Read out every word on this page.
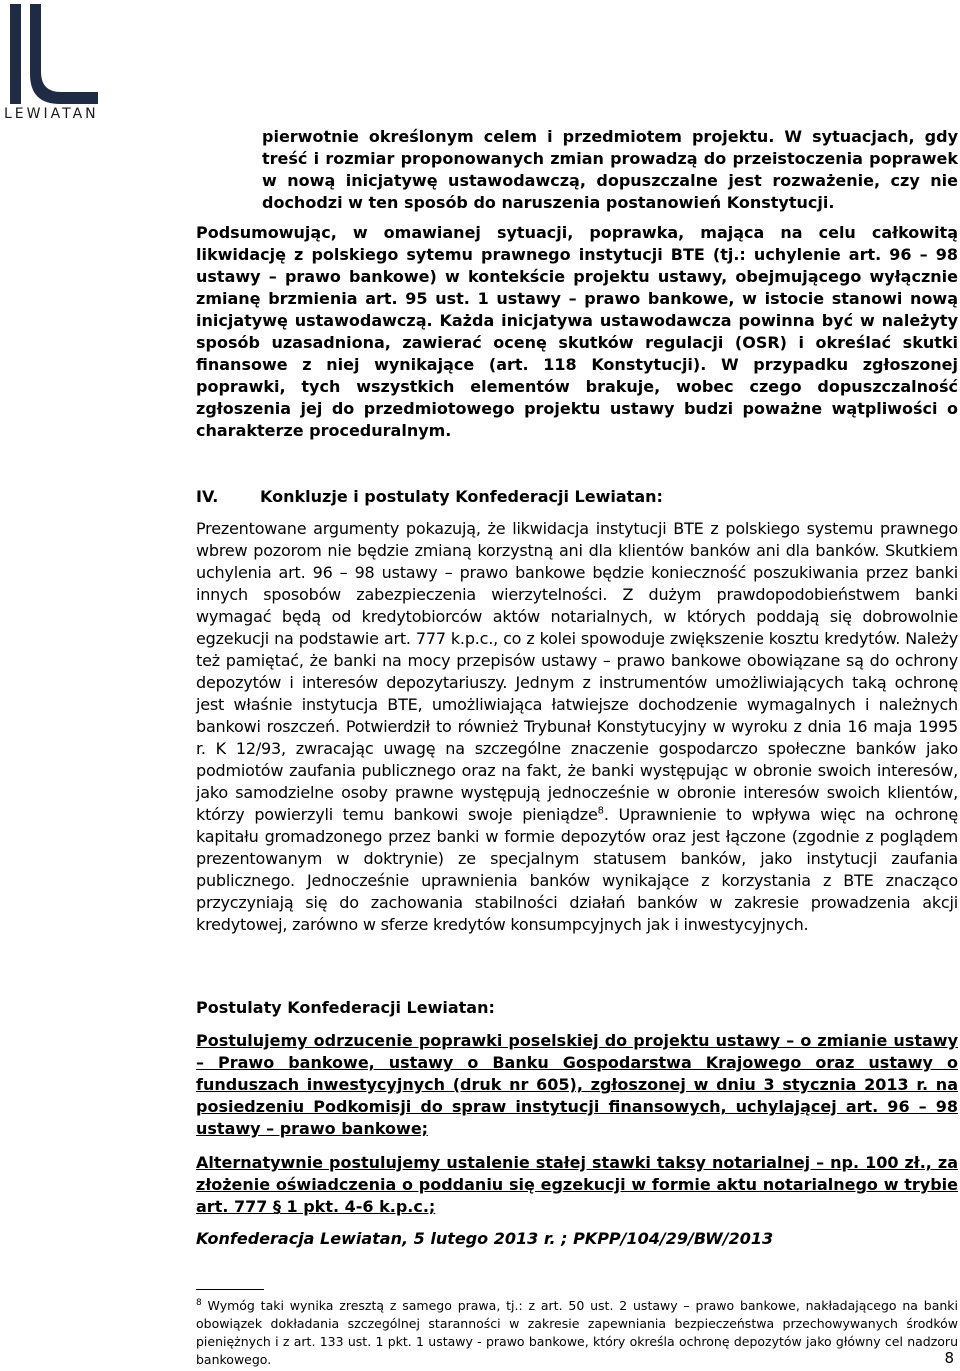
LEWIATAN
pierwotnie określonym celem i przedmiotem projektu. W sytuacjach, gdy treść i rozmiar proponowanych zmian prowadzą do przeistoczenia poprawek w nową inicjatywę ustawodawczą, dopuszczalne jest rozważenie, czy nie dochodzi w ten sposób do naruszenia postanowień Konstytucji.
Podsumowując, w omawianej sytuacji, poprawka, mająca na celu całkowitą likwidację z polskiego sytemu prawnego instytucji BTE (tj.: uchylenie art. 96 – 98 ustawy – prawo bankowe) w kontekście projektu ustawy, obejmującego wyłącznie zmianę brzmienia art. 95 ust. 1 ustawy – prawo bankowe, w istocie stanowi nową inicjatywę ustawodawczą. Każda inicjatywa ustawodawcza powinna być w należyty sposób uzasadniona, zawierać ocenę skutków regulacji (OSR) i określać skutki finansowe z niej wynikające (art. 118 Konstytucji). W przypadku zgłoszonej poprawki, tych wszystkich elementów brakuje, wobec czego dopuszczalność zgłoszenia jej do przedmiotowego projektu ustawy budzi poważne wątpliwości o charakterze proceduralnym.
IV.	Konkluzje i postulaty Konfederacji Lewiatan:
Prezentowane argumenty pokazują, że likwidacja instytucji BTE z polskiego systemu prawnego wbrew pozorom nie będzie zmianą korzystną ani dla klientów banków ani dla banków. Skutkiem uchylenia art. 96 – 98 ustawy – prawo bankowe będzie konieczność poszukiwania przez banki innych sposobów zabezpieczenia wierzytelności. Z dużym prawdopodobieństwem banki wymagać będą od kredytobiorców aktów notarialnych, w których poddają się dobrowolnie egzekucji na podstawie art. 777 k.p.c., co z kolei spowoduje zwiększenie kosztu kredytów. Należy też pamiętać, że banki na mocy przepisów ustawy – prawo bankowe obowiązane są do ochrony depozytów i interesów depozytariuszy. Jednym z instrumentów umożliwiających taką ochronę jest właśnie instytucja BTE, umożliwiająca łatwiejsze dochodzenie wymagalnych i należnych bankowi roszczeń. Potwierdził to również Trybunał Konstytucyjny w wyroku z dnia 16 maja 1995 r. K 12/93, zwracając uwagę na szczególne znaczenie gospodarczo społeczne banków jako podmiotów zaufania publicznego oraz na fakt, że banki występując w obronie swoich interesów, jako samodzielne osoby prawne występują jednocześnie w obronie interesów swoich klientów, którzy powierzyli temu bankowi swoje pieniądze$^8$. Uprawnienie to wpływa więc na ochronę kapitału gromadzonego przez banki w formie depozytów oraz jest łączone (zgodnie z poglądem prezentowanym w doktrynie) ze specjalnym statusem banków, jako instytucji zaufania publicznego. Jednocześnie uprawnienia banków wynikające z korzystania z BTE znacząco przyczyniają się do zachowania stabilności działań banków w zakresie prowadzenia akcji kredytowej, zarówno w sferze kredytów konsumpcyjnych jak i inwestycyjnych.
Postulaty Konfederacji Lewiatan:
Postulujemy odrzucenie poprawki poselskiej do projektu ustawy – o zmianie ustawy – Prawo bankowe, ustawy o Banku Gospodarstwa Krajowego oraz ustawy o funduszach inwestycyjnych (druk nr 605), zgłoszonej w dniu 3 stycznia 2013 r. na posiedzeniu Podkomisji do spraw instytucji finansowych, uchylającej art. 96 – 98 ustawy – prawo bankowe;
Alternatywnie postulujemy ustalenie stałej stawki taksy notarialnej – np. 100 zł., za złożenie oświadczenia o poddaniu się egzekucji w formie aktu notarialnego w trybie art. 777 § 1 pkt. 4-6 k.p.c.;
Konfederacja Lewiatan, 5 lutego 2013 r. ; PKPP/104/29/BW/2013
$^8$ Wymóg taki wynika zresztą z samego prawa, tj.: z art. 50 ust. 2 ustawy – prawo bankowe, nakładającego na banki obowiązek dokładania szczególnej staranności w zakresie zapewniania bezpieczeństwa przechowywanych środków pieniężnych i z art. 133 ust. 1 pkt. 1 ustawy - prawo bankowe, który określa ochronę depozytów jako główny cel nadzoru bankowego.	8
